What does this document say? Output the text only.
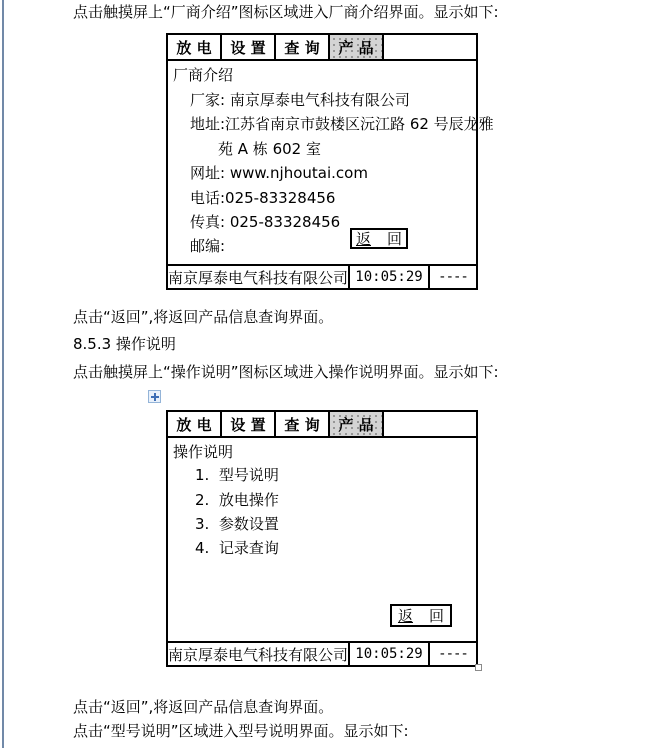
点击触摸屏上“厂商介绍”图标区域进入厂商介绍界面。显示如下:
放 电	设 置	查 询	产 品
厂商介绍
厂家: 南京厚泰电气科技有限公司
地址:江苏省南京市鼓楼区沅江路 62 号辰龙雅
苑 A 栋 602 室
网址: www.njhoutai.com
电话:025-83328456
传真: 025-83328456
邮编:	返 回
南京厚泰电气科技有限公司 10:05:29	----
点击“返回”,将返回产品信息查询界面。
8.5.3 操作说明
点击触摸屏上“操作说明”图标区域进入操作说明界面。显示如下:
放 电	设 置	查 询	产 品
操作说明
1.  型号说明
2.  放电操作
3.  参数设置
4.  记录查询
返 回
南京厚泰电气科技有限公司 10:05:29	----
点击“返回”,将返回产品信息查询界面。
点击“型号说明”区域进入型号说明界面。显示如下:
